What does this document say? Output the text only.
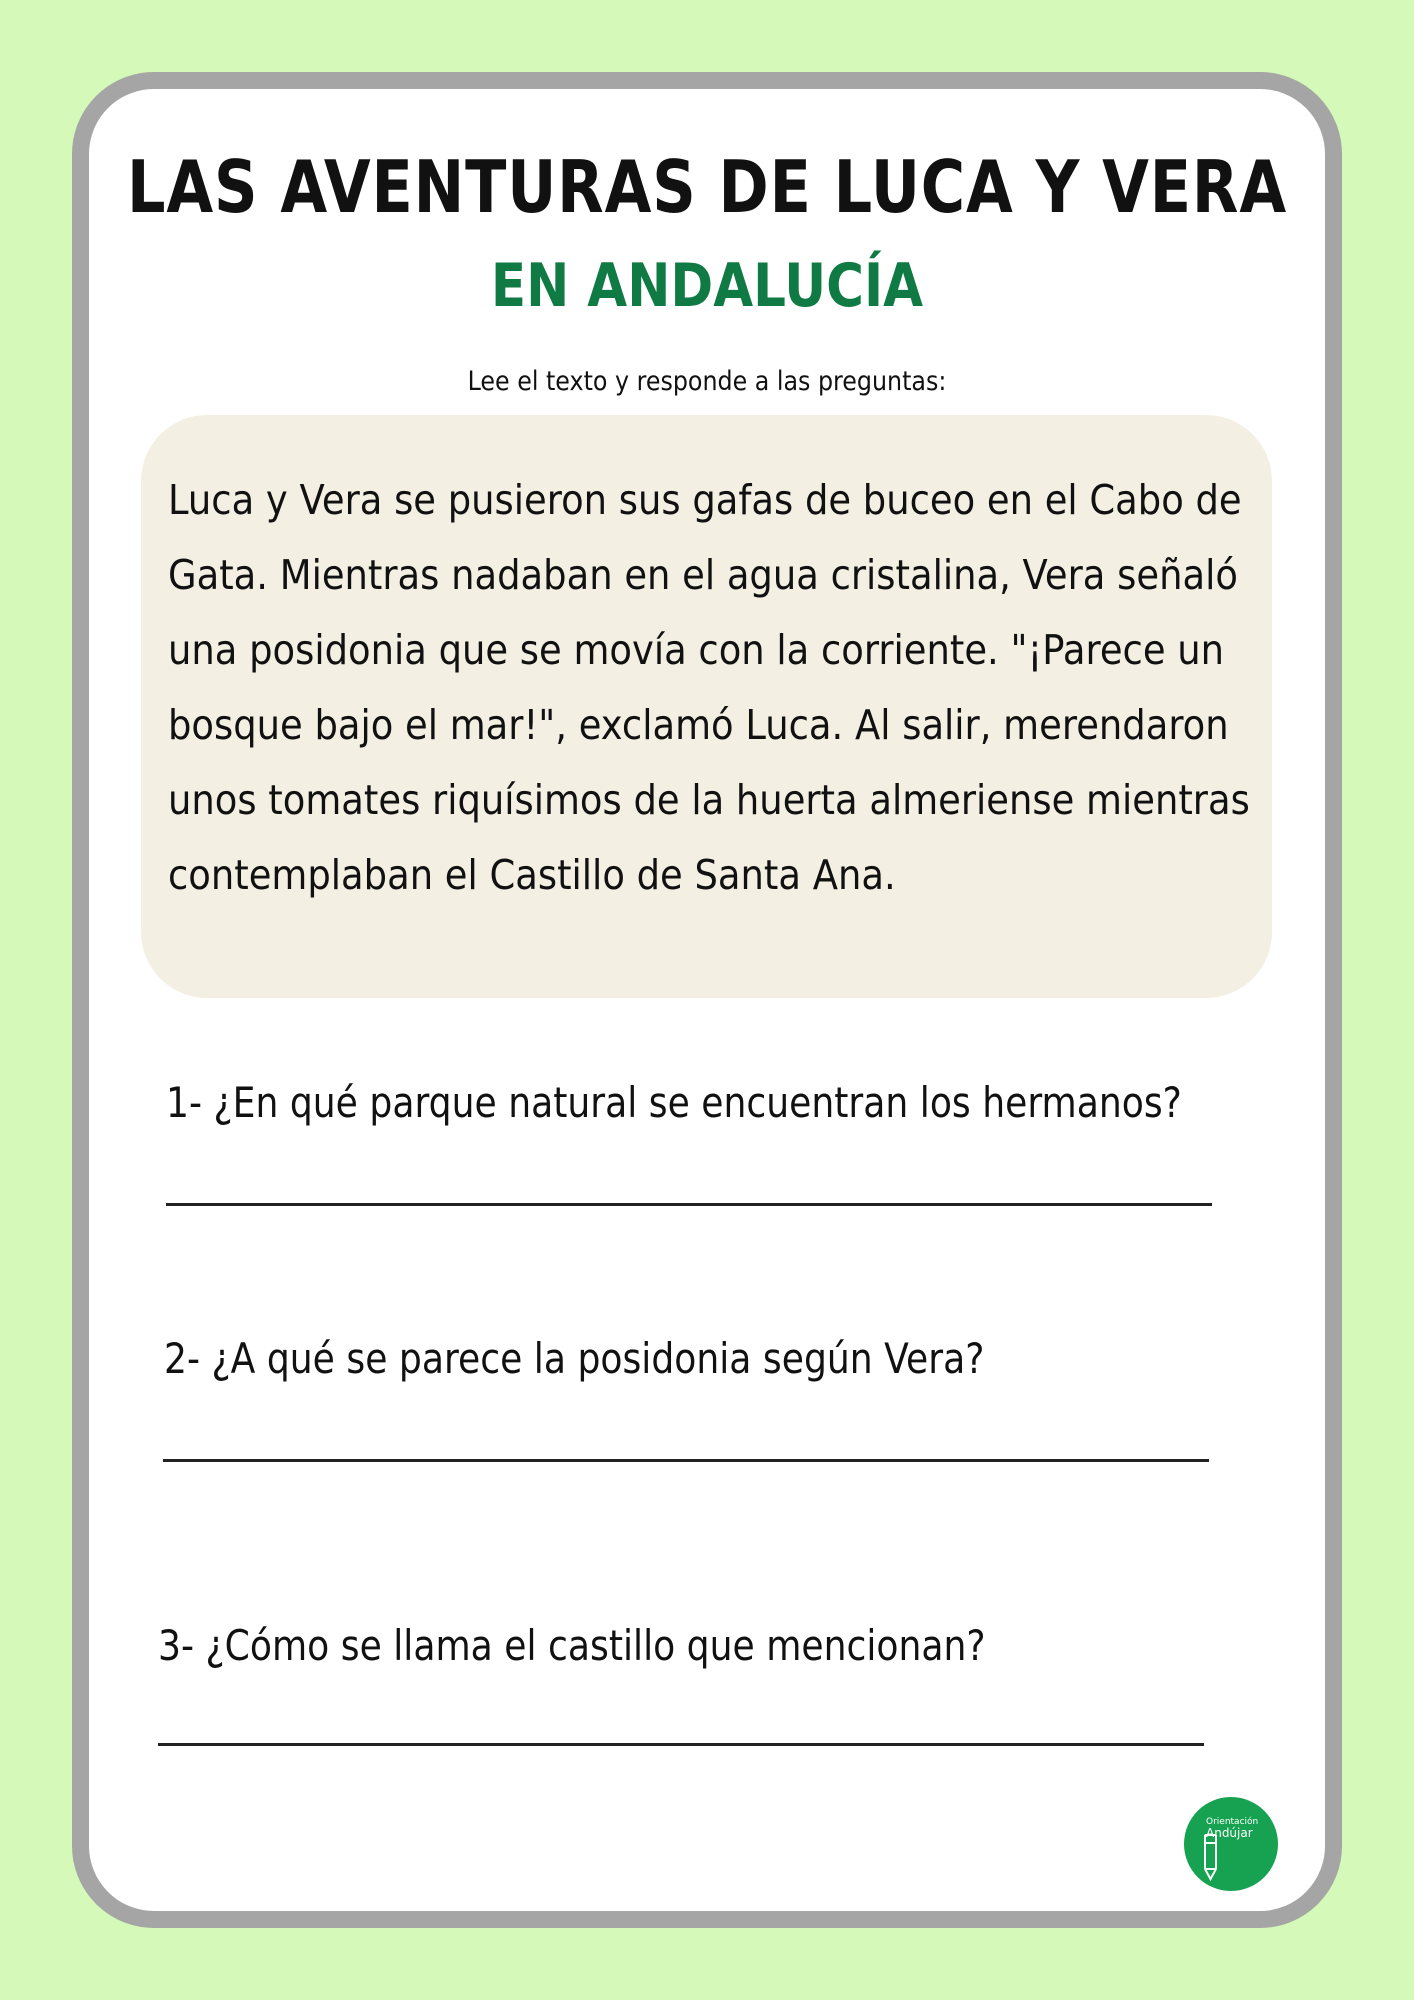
LAS AVENTURAS DE LUCA Y VERA
EN ANDALUCÍA

Lee el texto y responde a las preguntas:

Luca y Vera se pusieron sus gafas de buceo en el Cabo de
Gata. Mientras nadaban en el agua cristalina, Vera señaló
una posidonia que se movía con la corriente. "¡Parece un
bosque bajo el mar!", exclamó Luca. Al salir, merendaron
unos tomates riquísimos de la huerta almeriense mientras
contemplaban el Castillo de Santa Ana.
1- ¿En qué parque natural se encuentran los hermanos?
2- ¿A qué se parece la posidonia según Vera?
3- ¿Cómo se llama el castillo que mencionan?
Orientación
Andújar
